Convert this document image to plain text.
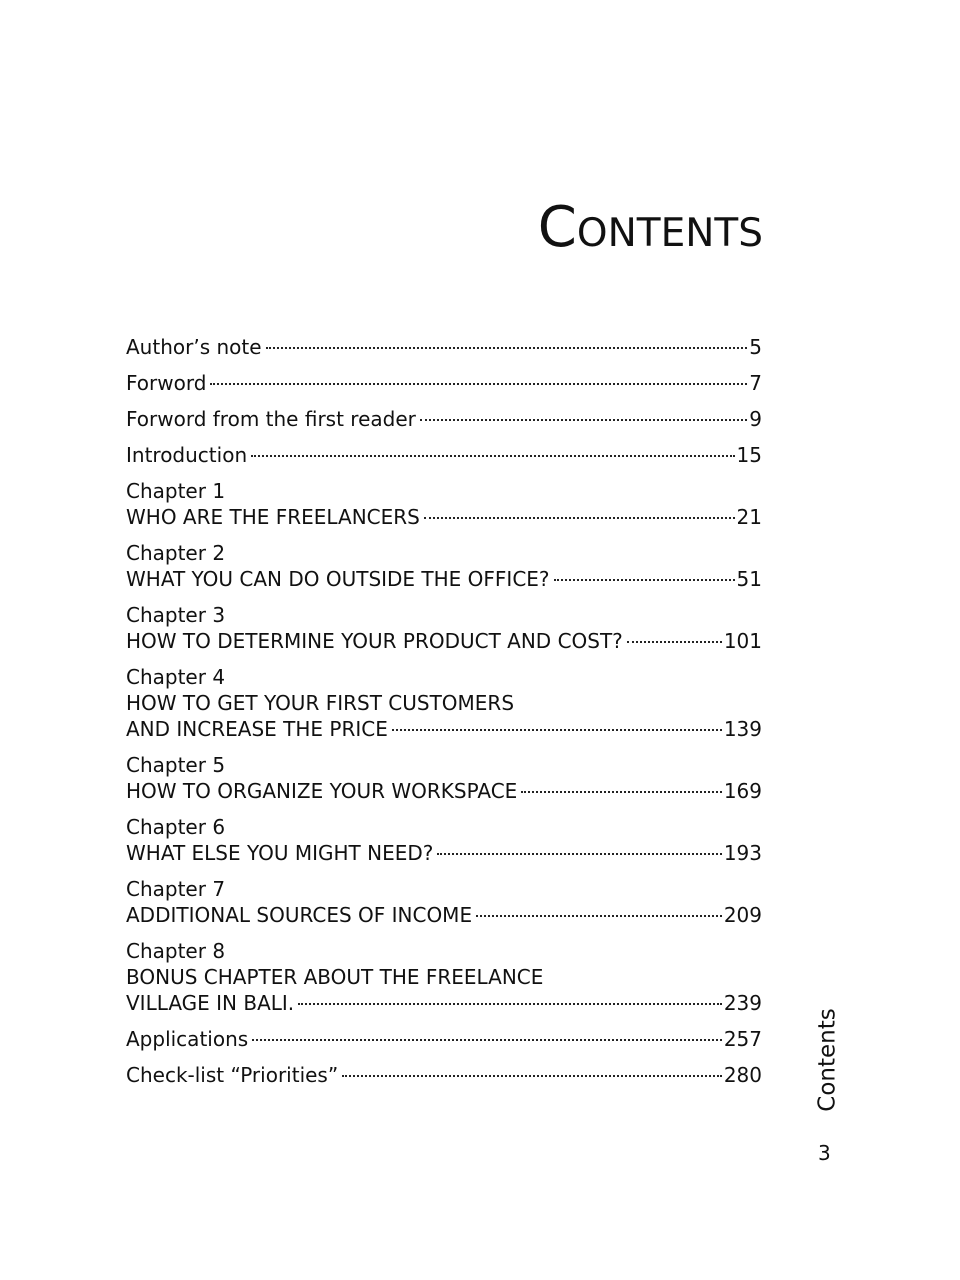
Contents
Author’s note	5
Forword	7
Forword from the first reader	9
Introduction	15
Chapter 1
WHO ARE THE FREELANCERS	21
Chapter 2
WHAT YOU CAN DO OUTSIDE THE OFFICE?	51
Chapter 3
HOW TO DETERMINE YOUR PRODUCT AND COST?	101
Chapter 4
HOW TO GET YOUR FIRST CUSTOMERS
AND INCREASE THE PRICE	139
Chapter 5
HOW TO ORGANIZE YOUR WORKSPACE	169
Chapter 6
WHAT ELSE YOU MIGHT NEED?	193
Chapter 7
ADDITIONAL SOURCES OF INCOME	209
Chapter 8
BONUS CHAPTER ABOUT THE FREELANCE
VILLAGE IN BALI.	239
Applications	257
Check-list “Priorities”	280 Contents
3
